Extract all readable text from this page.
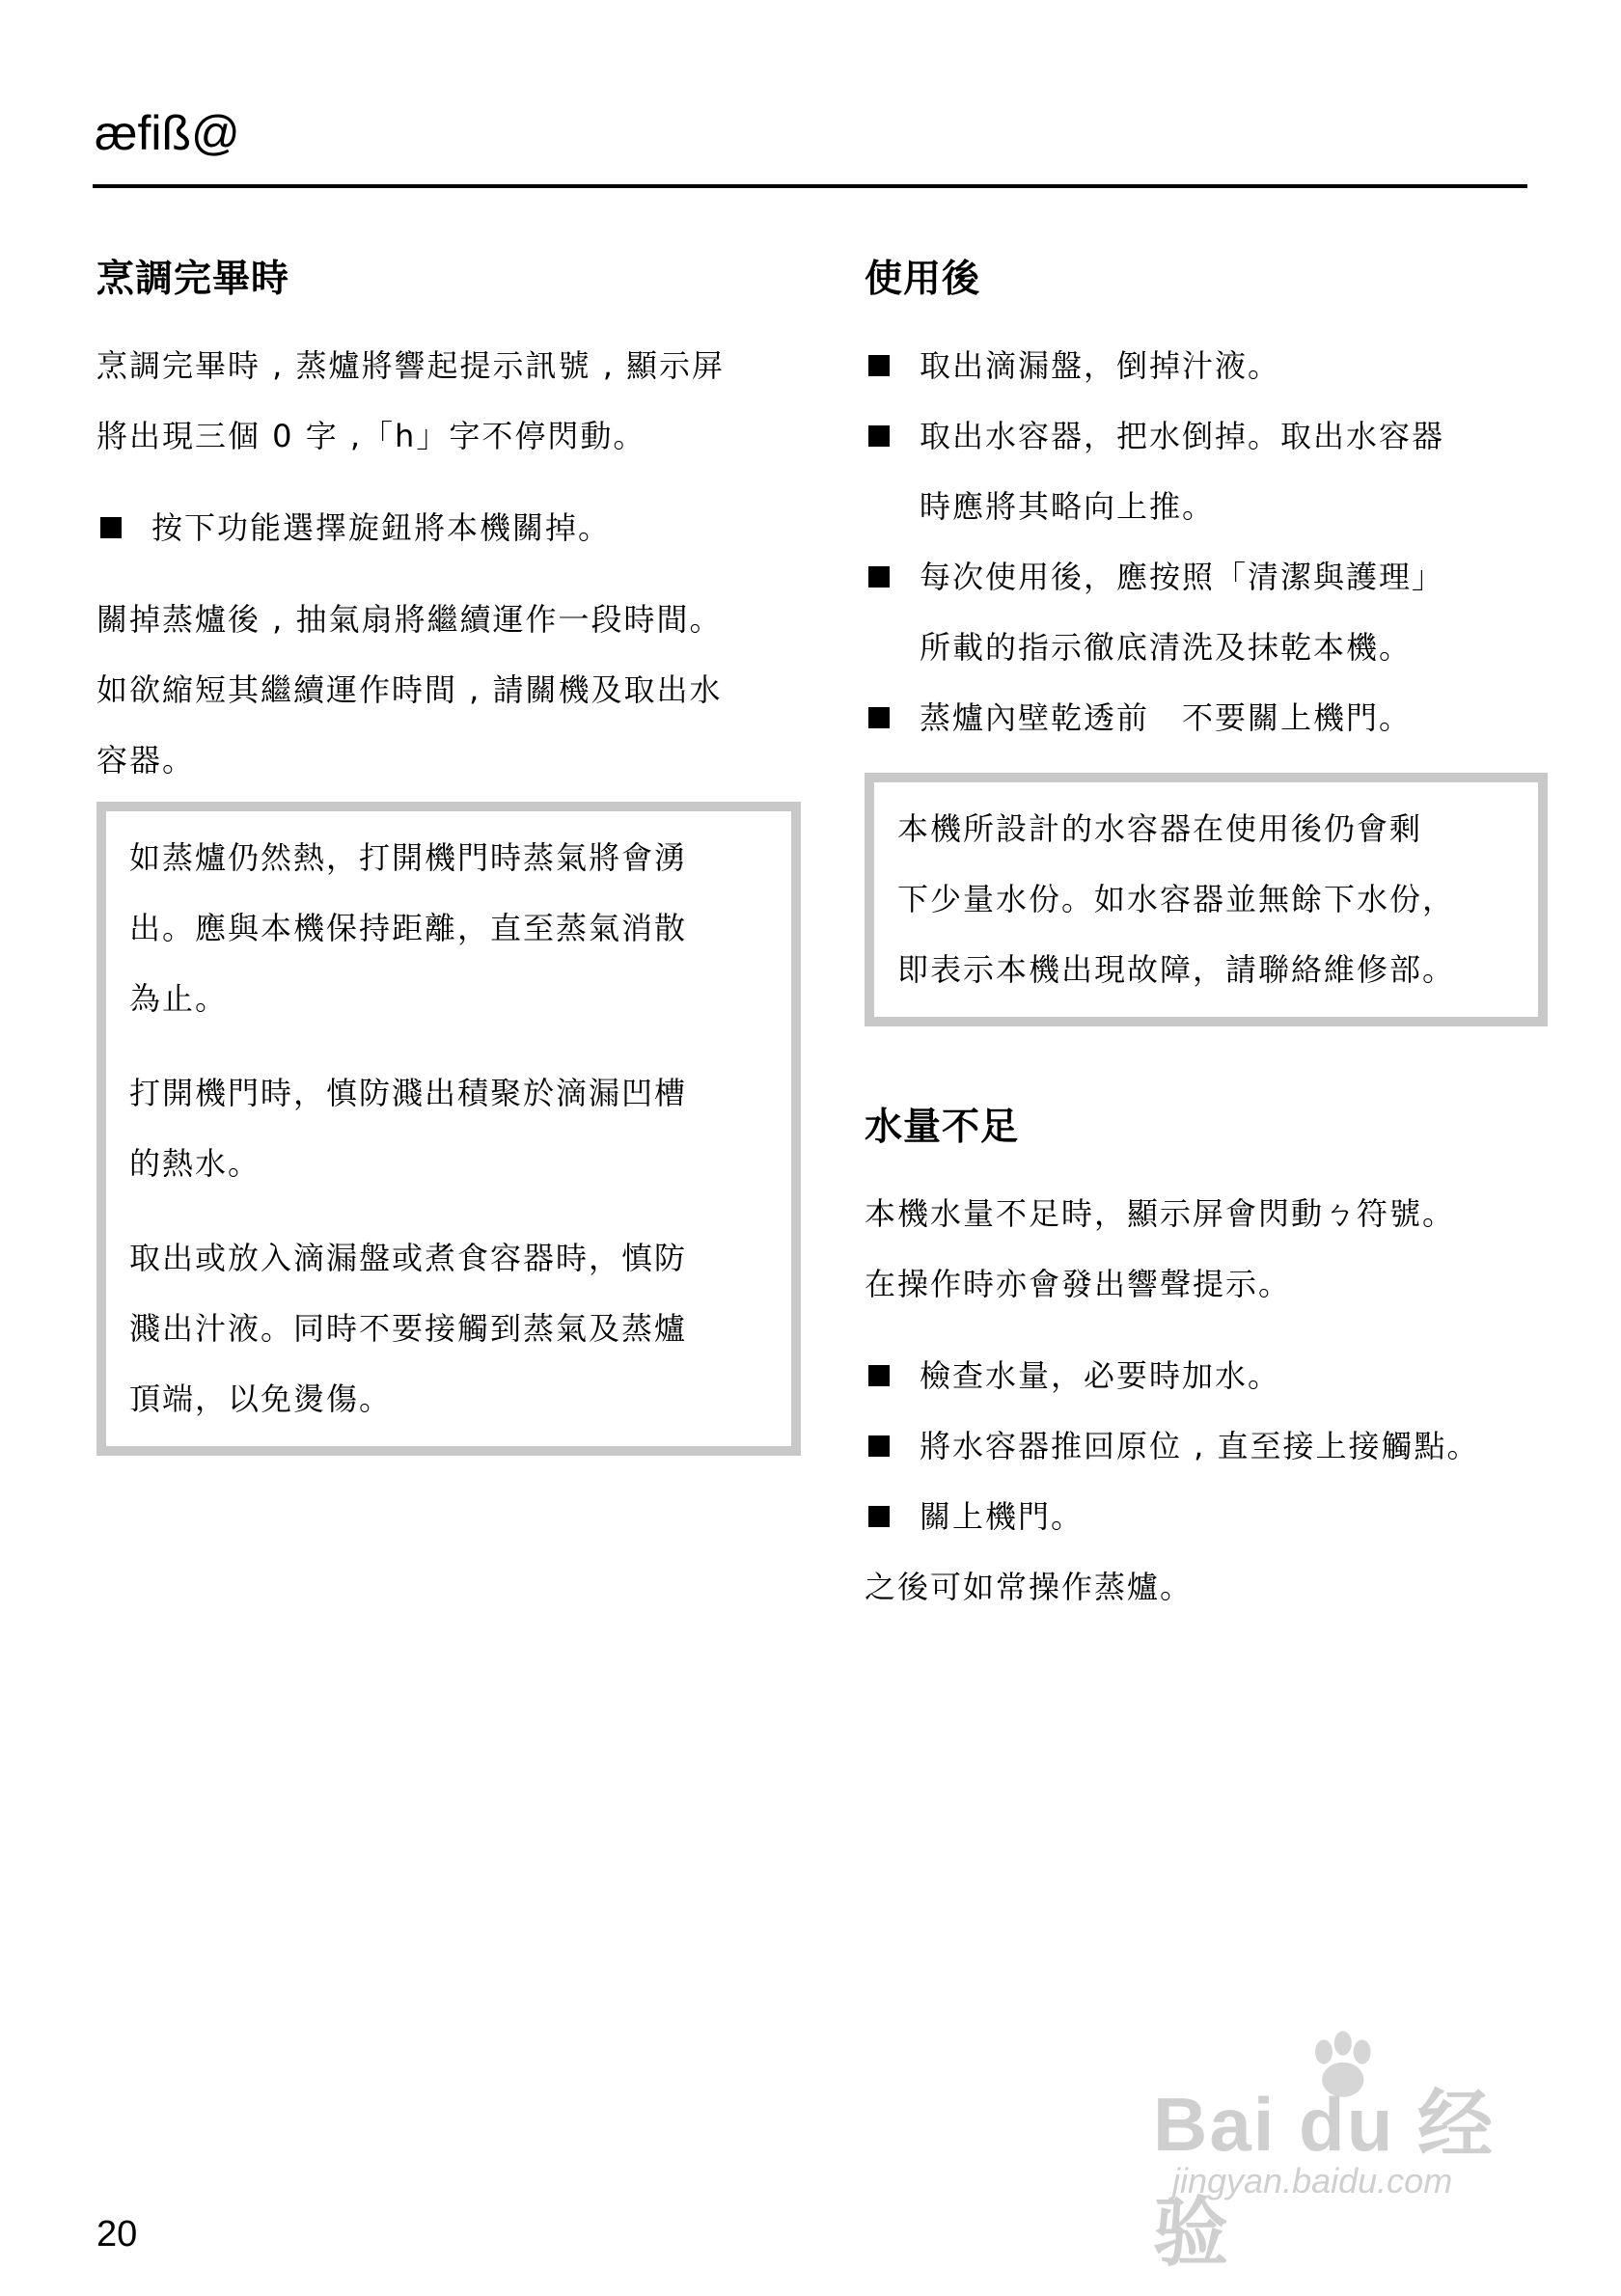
æfiß@
烹調完畢時

烹調完畢時 , 蒸爐將響起提示訊號 , 顯示屏

將出現三個 0 字 ,「h」字不停閃動。

按下功能選擇旋鈕將本機關掉。

關掉蒸爐後 , 抽氣扇將繼續運作一段時間。

如欲縮短其繼續運作時間 , 請關機及取出水

容器。

如蒸爐仍然熱，打開機門時蒸氣將會湧

出。應與本機保持距離，直至蒸氣消散

為止。

打開機門時，慎防濺出積聚於滴漏凹槽

的熱水。

取出或放入滴漏盤或煮食容器時，慎防

濺出汁液。同時不要接觸到蒸氣及蒸爐

頂端，以免燙傷。

使用後
取出滴漏盤，倒掉汁液。
取出水容器，把水倒掉。取出水容器
時應將其略向上推。
每次使用後，應按照「清潔與護理」
所載的指示徹底清洗及抹乾本機。
蒸爐內壁乾透前　不要關上機門。

本機所設計的水容器在使用後仍會剩

下少量水份。如水容器並無餘下水份，

即表示本機出現故障，請聯絡維修部。

水量不足

本機水量不足時，顯示屏會閃動ㄅ符號。

在操作時亦會發出響聲提示。

檢查水量，必要時加水。
將水容器推回原位 , 直至接上接觸點。
關上機門。

之後可如常操作蒸爐。

20
Bai du 经验
jingyan.baidu.com
